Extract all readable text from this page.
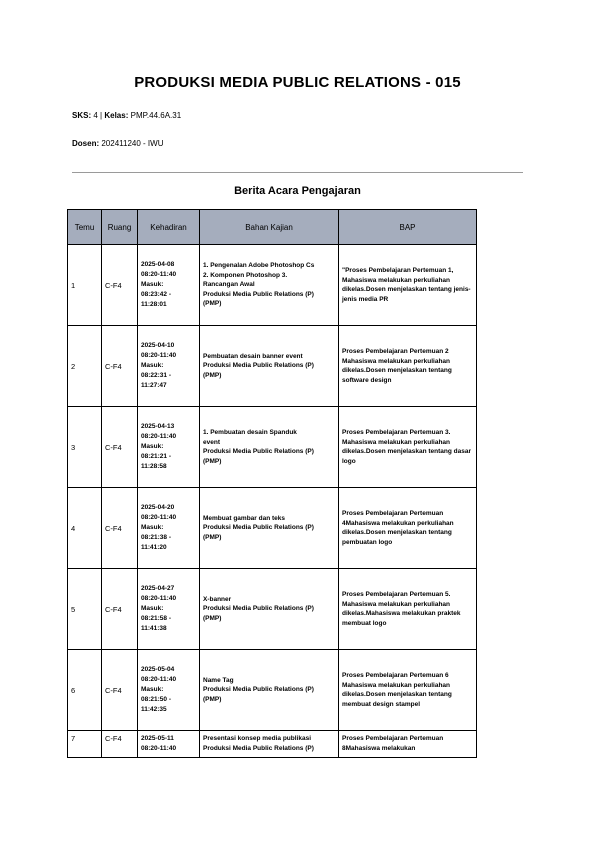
PRODUKSI MEDIA PUBLIC RELATIONS - 015
SKS: 4 | Kelas: PMP.44.6A.31
Dosen: 202411240 - IWU
Berita Acara Pengajaran
Temu	Ruang	Kehadiran	Bahan Kajian	BAP
1	C-F4	2025-04-08
08:20-11:40
Masuk:
08:23:42 -
11:28:01	1. Pengenalan Adobe Photoshop Cs
2. Komponen Photoshop 3.
Rancangan Awal
Produksi Media Public Relations (P)
(PMP)	"Proses Pembelajaran Pertemuan 1, Mahasiswa melakukan perkuliahan dikelas.Dosen menjelaskan tentang jenis-jenis media PR

2	C-F4	2025-04-10
08:20-11:40
Masuk:
08:22:31 -
11:27:47	Pembuatan desain banner event
Produksi Media Public Relations (P)
(PMP)	Proses Pembelajaran Pertemuan 2 Mahasiswa melakukan perkuliahan dikelas.Dosen menjelaskan tentang software design

3	C-F4	2025-04-13
08:20-11:40
Masuk:
08:21:21 -
11:28:58	1. Pembuatan desain Spanduk
event
Produksi Media Public Relations (P)
(PMP)	Proses Pembelajaran Pertemuan 3. Mahasiswa melakukan perkuliahan dikelas.Dosen menjelaskan tentang dasar logo

4	C-F4	2025-04-20
08:20-11:40
Masuk:
08:21:38 -
11:41:20	Membuat gambar dan teks
Produksi Media Public Relations (P)
(PMP)	Proses Pembelajaran Pertemuan 4Mahasiswa melakukan perkuliahan dikelas.Dosen menjelaskan tentang pembuatan logo

5	C-F4	2025-04-27
08:20-11:40
Masuk:
08:21:58 -
11:41:38	X-banner
Produksi Media Public Relations (P)
(PMP)	Proses Pembelajaran Pertemuan 5. Mahasiswa melakukan perkuliahan dikelas.Mahasiswa melakukan praktek membuat logo

6	C-F4	2025-05-04
08:20-11:40
Masuk:
08:21:50 -
11:42:35	Name Tag
Produksi Media Public Relations (P)
(PMP)	Proses Pembelajaran Pertemuan 6 Mahasiswa melakukan perkuliahan dikelas.Dosen menjelaskan tentang membuat design stampel

7	C-F4	2025-05-11
08:20-11:40	Presentasi konsep media publikasi
Produksi Media Public Relations (P)	Proses Pembelajaran Pertemuan 8Mahasiswa melakukan
